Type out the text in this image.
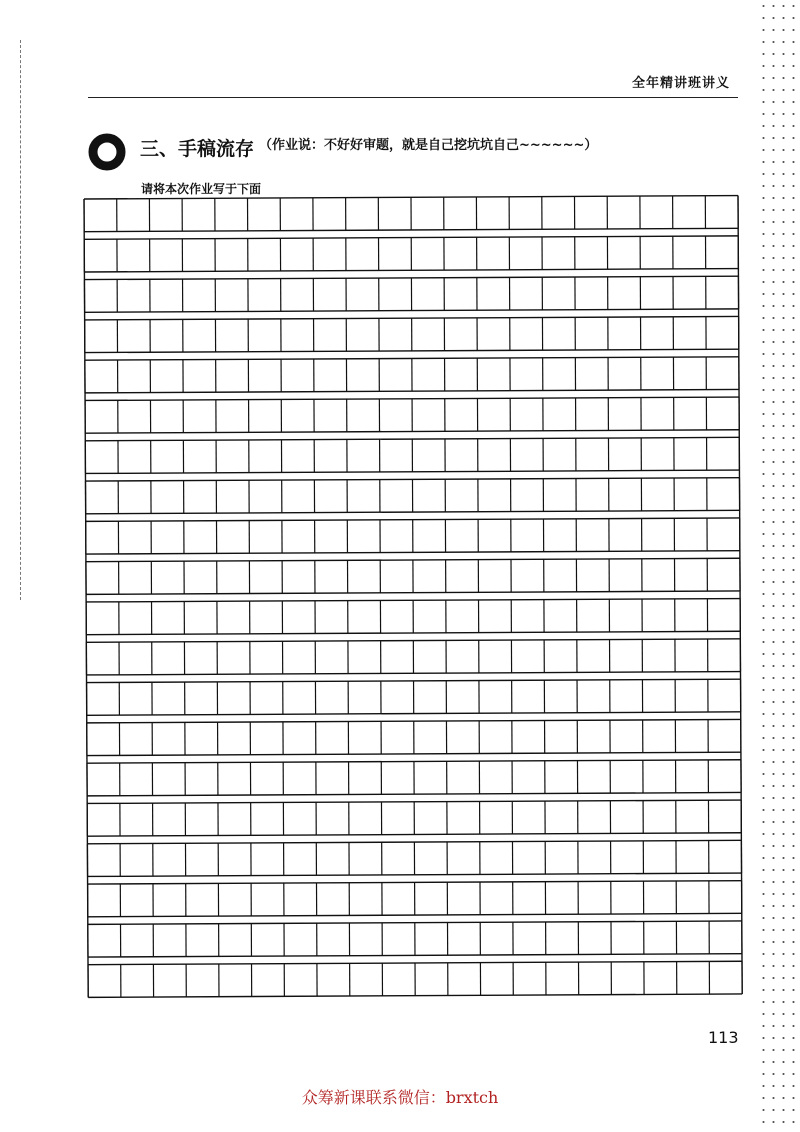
全年精讲班讲义
三、手稿流存 （作业说：不好好审题，就是自己挖坑坑自己~~~~~~）
请将本次作业写于下面
113
众筹新课联系微信：brxtch
